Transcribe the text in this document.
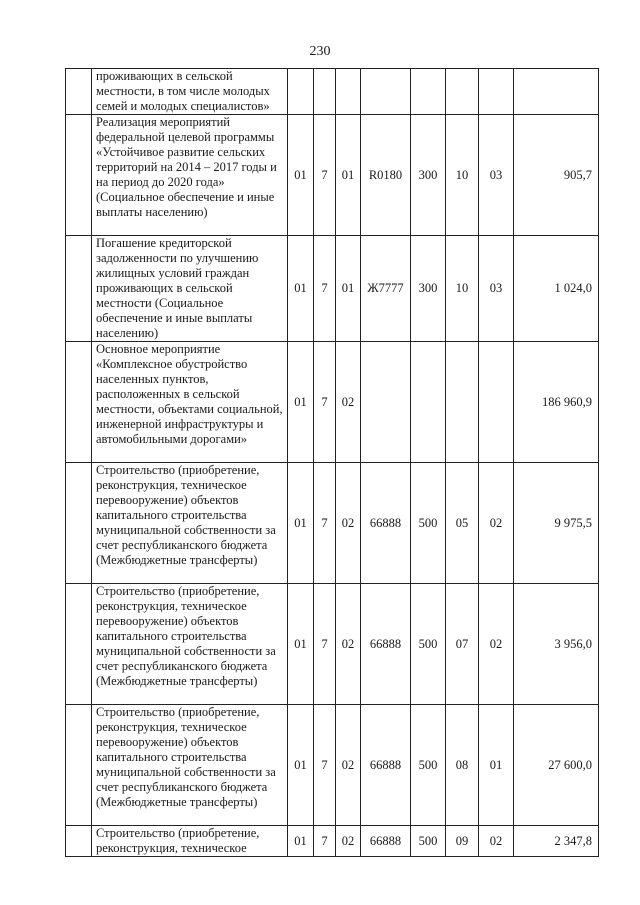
230
	проживающих в сельской местности, в том числе молодых семей и молодых специалистов»								
	Реализация мероприятий федеральной целевой программы «Устойчивое развитие сельских территорий на 2014 – 2017 годы и на период до 2020 года» (Социальное обеспечение и иные выплаты населению)	01	7	01	R0180	300	10	03	905,7
	Погашение кредиторской задолженности по улучшению жилищных условий граждан проживающих в сельской местности (Социальное обеспечение и иные выплаты населению)	01	7	01	Ж7777	300	10	03	1 024,0
	Основное мероприятие «Комплексное обустройство населенных пунктов, расположенных в сельской местности, объектами социальной, инженерной инфраструктуры и автомобильными дорогами»	01	7	02					186 960,9
	Строительство (приобретение, реконструкция, техническое перевооружение) объектов капитального строительства муниципальной собственности за счет республиканского бюджета (Межбюджетные трансферты)	01	7	02	66888	500	05	02	9 975,5
	Строительство (приобретение, реконструкция, техническое перевооружение) объектов капитального строительства муниципальной собственности за счет республиканского бюджета (Межбюджетные трансферты)	01	7	02	66888	500	07	02	3 956,0
	Строительство (приобретение, реконструкция, техническое перевооружение) объектов капитального строительства муниципальной собственности за счет республиканского бюджета (Межбюджетные трансферты)	01	7	02	66888	500	08	01	27 600,0
	Строительство (приобретение, реконструкция, техническое	01	7	02	66888	500	09	02	2 347,8
